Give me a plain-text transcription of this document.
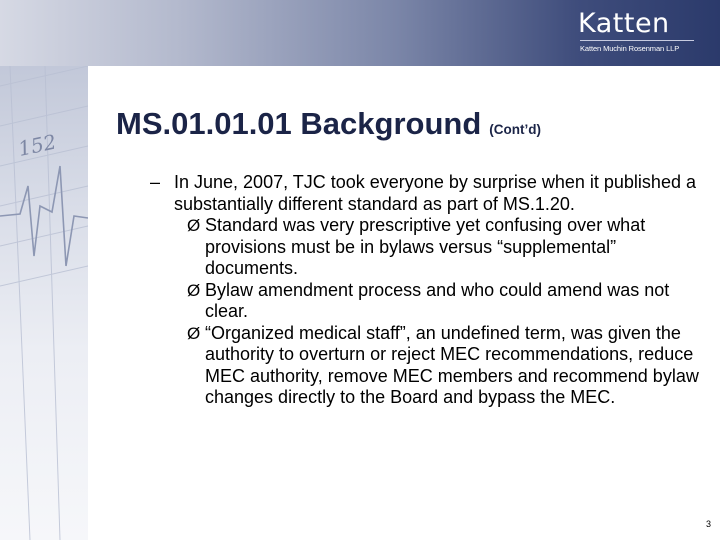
Katten
Katten Muchin Rosenman LLP
152
MS.01.01.01 Background (Cont’d)
– In June, 2007, TJC took everyone by surprise when it published a substantially different standard as part of MS.1.20.
Ø Standard was very prescriptive yet confusing over what provisions must be in bylaws versus “supplemental” documents.
Ø Bylaw amendment process and who could amend was not clear.
Ø “Organized medical staff”, an undefined term, was given the authority to overturn or reject MEC recommendations, reduce MEC authority, remove MEC members and recommend bylaw changes directly to the Board and bypass the MEC.
3
